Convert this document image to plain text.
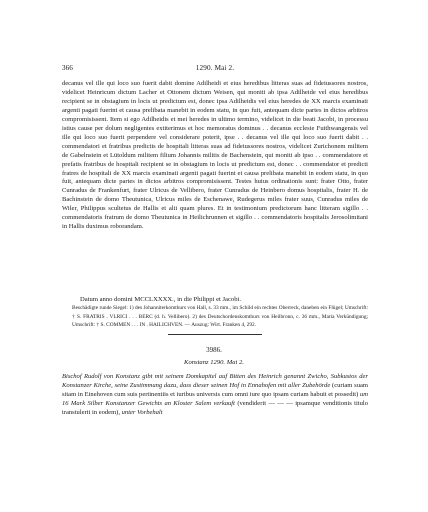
366	1290. Mai 2.

decanus vel ille qui loco suo fuerit dabit domine Adilheidi et eius heredibus litteras suas ad fideiussores nostros, videlicet Heinricum dictum Lacher et Ottonem dictum Weisen, qui moniti ab ipsa Adilheide vel eius heredibus recipient se in obstagium in locis ut predictum est, donec ipsa Adilheidis vel eius heredes de XX marcis examinati argenti pagati fuerint et causa prelibata manebit in eodem statu, in quo fuit, antequam dicte partes in dictos arbitros compromisissent. Item si ego Adilheidis et mei heredes in ultimo termino, videlicet in die beati Jacobi, in processu istius cause per dolum negligentes extiterimus et hoc memoratus dominus . . decanus ecclesie Fuithwangensis vel ille qui loco suo fuerit perpendere vel considerare poterit, ipse . . decanus vel ille qui loco suo fuerit dabit . . commendatori et fratribus predictis de hospitali litteras suas ad fideiussores nostros, videlicet Zurichonem militem de Gabelnstein et Lütoldum militem filium Johannis militis de Bachenstein, qui moniti ab ipso . . commendatore et prefatis fratribus de hospitali recipient se in obstagium in locis ut predictum est, donec . . commendator et predicti fratres de hospitali de XX marcis examinati argenti pagati fuerint et causa prelibata manebit in eodem statu, in quo fuit, antequam dicte partes in dictos arbitros compromisissent. Testes huius ordinationis sunt: frater Otto, frater Cunradus de Frankenfurt, frater Ulricus de Vellibero, frater Cunradus de Heinbero domus hospitalis, frater H. de Bachinstein de domo Theutunica, Ulricus miles de Eschenawe, Rudegerus miles frater suus, Cunradus miles de Wiler, Philippus scultetus de Hallis et alii quam plures. Et in testimonium predictorum hanc litteram sigillo . . commendatoris fratrum de domo Theutunica in Heilichrunnen et sigillo . . commendatoris hospitalis Jerosolimitani in Hallis duximus roborandam.

Datum anno domini MCCLXXXX., in die Philippi et Jacobi.
Beschädigte runde Siegel: 1) des Johanniterkomthurs von Hall, s. 33 mm., im Schild ein rechtes Oberreck, daneben ein Flügel; Umschrift: † S. FRATRIS . VLRICI . . . BERC (d. h. Vellibero). 2) des Deutschordenskomthurs von Heilbronn, c. 36 mm., Maria Verkündigung; Umschrift: † S. COMMEN . . . IN . HAILICHVEN. — Auszug: Wirt. Franken 4, 292.
3986.
Konstanz 1290. Mai 2.
Bischof Rudolf von Konstanz gibt mit seinem Domkapitel auf Bitten des Heinrich genannt Zwicho, Subkustos der Konstanzer Kirche, seine Zustimmung dazu, dass dieser seinen Hof in Ennahofen mit aller Zubehörde (curiam suam sitam in Einehoven cum suis pertinentiis et iuribus universis cum omni iure quo ipsam curiam habuit et possedit) um 16 Mark Silber Konstanzer Gewichts an Kloster Salem verkauft (vendiderit — — — ipsamque venditionis titulo transtulerit in eodem), unter Vorbehalt
